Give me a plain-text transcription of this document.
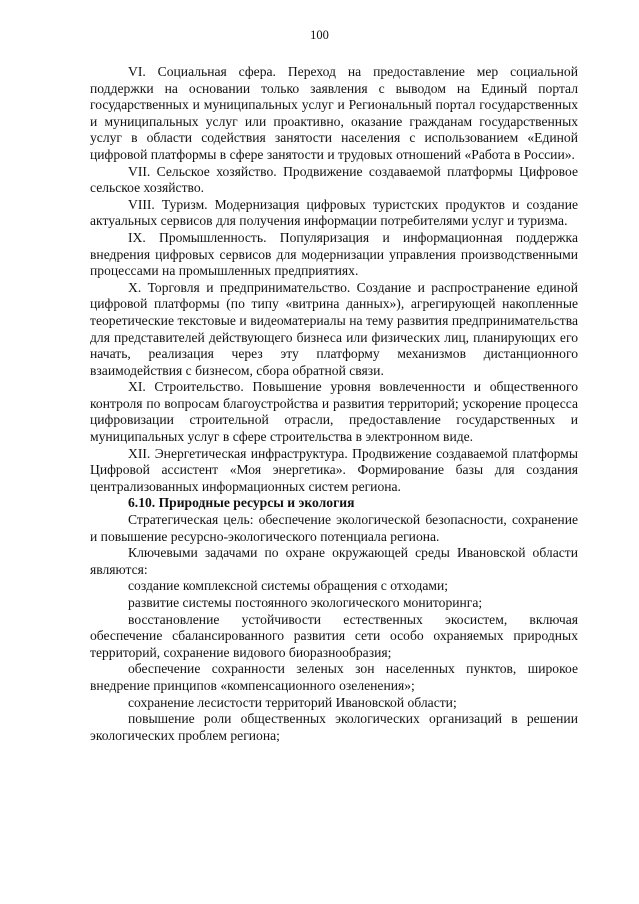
100

VI. Социальная сфера. Переход на предоставление мер социальной поддержки на основании только заявления с выводом на Единый портал государственных и муниципальных услуг и Региональный портал государственных и муниципальных услуг или проактивно, оказание гражданам государственных услуг в области содействия занятости населения с использованием «Единой цифровой платформы в сфере занятости и трудовых отношений «Работа в России».

VII. Сельское хозяйство. Продвижение создаваемой платформы Цифровое сельское хозяйство.

VIII. Туризм. Модернизация цифровых туристских продуктов и создание актуальных сервисов для получения информации потребителями услуг и туризма.

IX. Промышленность. Популяризация и информационная поддержка внедрения цифровых сервисов для модернизации управления производственными процессами на промышленных предприятиях.

X. Торговля и предпринимательство. Создание и распространение единой цифровой платформы (по типу «витрина данных»), агрегирующей накопленные теоретические текстовые и видеоматериалы на тему развития предпринимательства для представителей действующего бизнеса или физических лиц, планирующих его начать, реализация через эту платформу механизмов дистанционного взаимодействия с бизнесом, сбора обратной связи.

XI. Строительство. Повышение уровня вовлеченности и общественного контроля по вопросам благоустройства и развития территорий; ускорение процесса цифровизации строительной отрасли, предоставление государственных и муниципальных услуг в сфере строительства в электронном виде.

XII. Энергетическая инфраструктура. Продвижение создаваемой платформы Цифровой ассистент «Моя энергетика». Формирование базы для создания централизованных информационных систем региона.

6.10. Природные ресурсы и экология

Стратегическая цель: обеспечение экологической безопасности, сохранение и повышение ресурсно-экологического потенциала региона.

Ключевыми задачами по охране окружающей среды Ивановской области являются:

создание комплексной системы обращения с отходами;

развитие системы постоянного экологического мониторинга;

восстановление устойчивости естественных экосистем, включая обеспечение сбалансированного развития сети особо охраняемых природных территорий, сохранение видового биоразнообразия;

обеспечение сохранности зеленых зон населенных пунктов, широкое внедрение принципов «компенсационного озеленения»;

сохранение лесистости территорий Ивановской области;

повышение роли общественных экологических организаций в решении экологических проблем региона;
